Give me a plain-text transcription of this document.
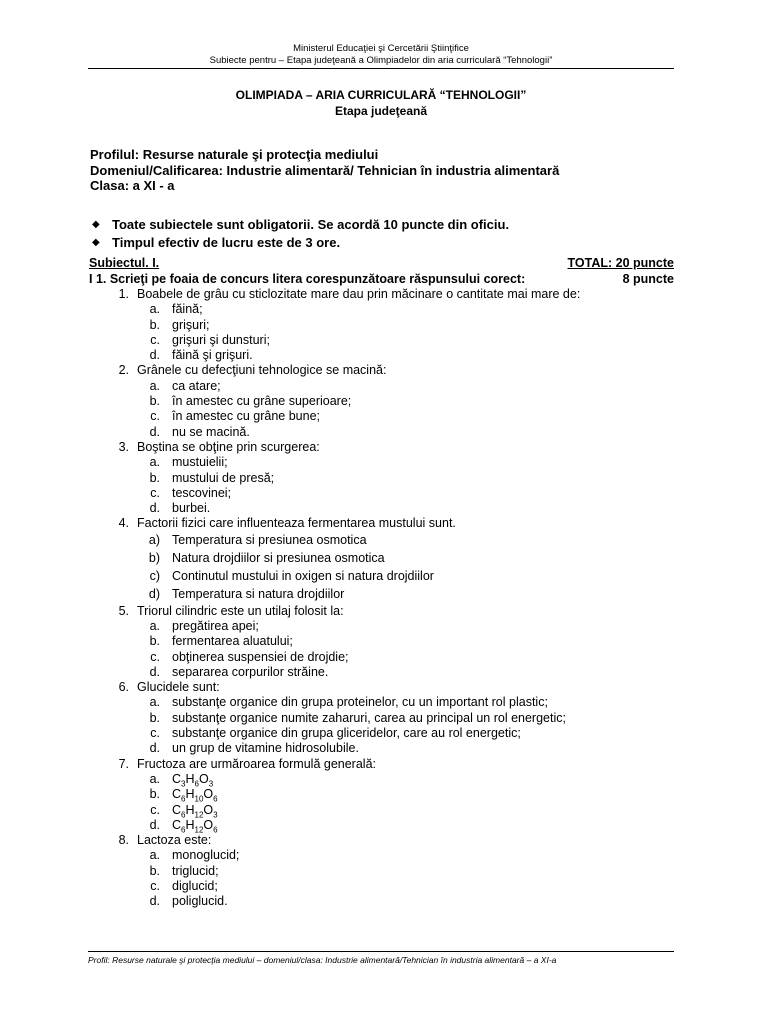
Ministerul Educaţiei şi Cercetării Ştiinţifice
Subiecte pentru – Etapa judeţeană a Olimpiadelor din aria curriculară “Tehnologii”
OLIMPIADA – ARIA CURRICULARĂ “TEHNOLOGII”
Etapa judeţeană
Profilul: Resurse naturale şi protecţia mediului
Domeniul/Calificarea: Industrie alimentară/ Tehnician în industria alimentară
Clasa: a XI - a
◆ Toate subiectele sunt obligatorii. Se acordă 10 puncte din oficiu.
◆ Timpul efectiv de lucru este de 3 ore.
Subiectul. I.	TOTAL: 20 puncte
I 1. Scrieţi pe foaia de concurs litera corespunzătoare răspunsului corect:	8 puncte
1. Boabele de grâu cu sticlozitate mare dau prin măcinare o cantitate mai mare de:
a. făină;
b. grişuri;
c. grişuri şi dunsturi;
d. făină şi grişuri.
2. Grânele cu defecţiuni tehnologice se macină:
a. ca atare;
b. în amestec cu grâne superioare;
c. în amestec cu grâne bune;
d. nu se macină.
3. Boştina se obţine prin scurgerea:
a. mustuielii;
b. mustului de presă;
c. tescovinei;
d. burbei.
4. Factorii fizici care influenteaza fermentarea mustului sunt.
a) Temperatura si presiunea osmotica
b) Natura drojdiilor si presiunea osmotica
c) Continutul mustului in oxigen si natura drojdiilor
d) Temperatura si natura drojdiilor
5. Triorul cilindric este un utilaj folosit la:
a. pregătirea apei;
b. fermentarea aluatului;
c. obţinerea suspensiei de drojdie;
d. separarea corpurilor străine.
6. Glucidele sunt:
a. substanţe organice din grupa proteinelor, cu un important rol plastic;
b. substanţe organice numite zaharuri, carea au principal un rol energetic;
c. substanţe organice din grupa gliceridelor, care au rol energetic;
d. un grup de vitamine hidrosolubile.
7. Fructoza are urmăroarea formulă generală:
a. $C_3H_6O_3$
b. $C_6H_{10}O_6$
c. $C_6H_{12}O_3$
d. $C_6H_{12}O_6$
8. Lactoza este:
a. monoglucid;
b. triglucid;
c. diglucid;
d. poliglucid.
Profil: Resurse naturale şi protecţia mediului – domeniul/clasa: Industrie alimentară/Tehnician în industria alimentară – a XI-a
